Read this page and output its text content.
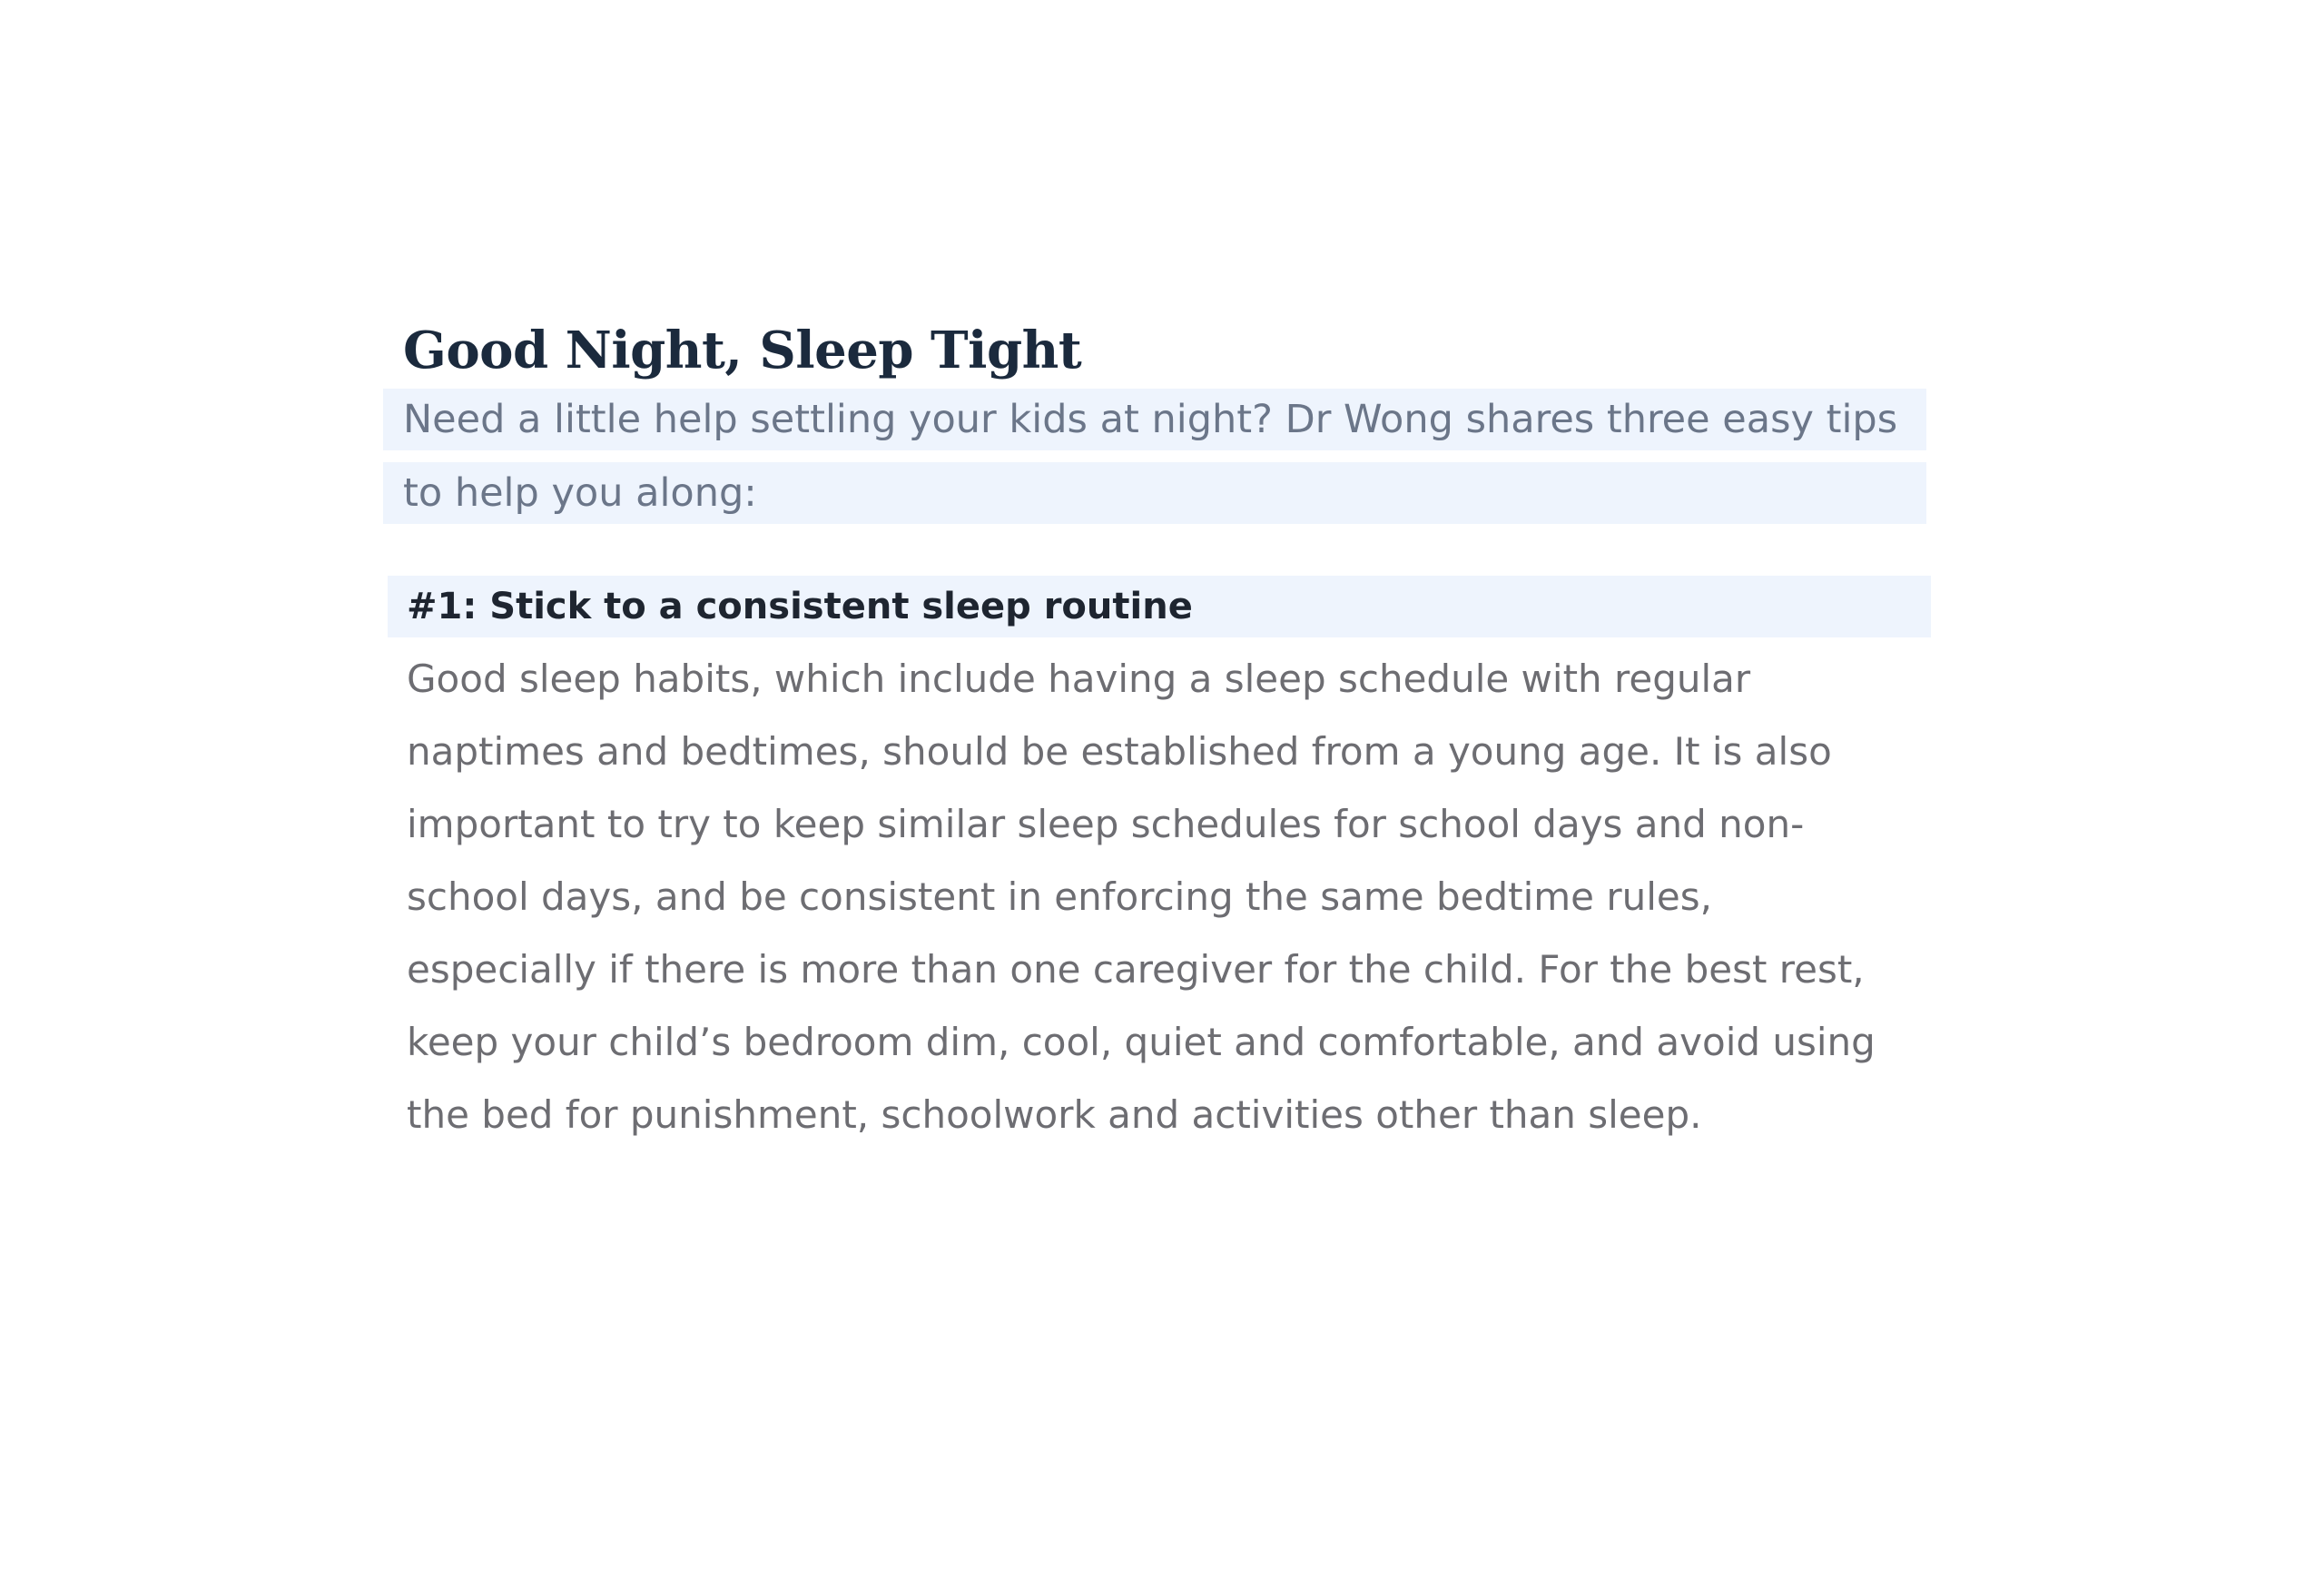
Good Night, Sleep Tight
Need a little help settling your kids at night? Dr Wong shares three easy tips
to help you along:
#1: Stick to a consistent sleep routine
Good sleep habits, which include having a sleep schedule with regular
naptimes and bedtimes, should be established from a young age. It is also
important to try to keep similar sleep schedules for school days and non-
school days, and be consistent in enforcing the same bedtime rules,
especially if there is more than one caregiver for the child. For the best rest,
keep your child’s bedroom dim, cool, quiet and comfortable, and avoid using
the bed for punishment, schoolwork and activities other than sleep.
